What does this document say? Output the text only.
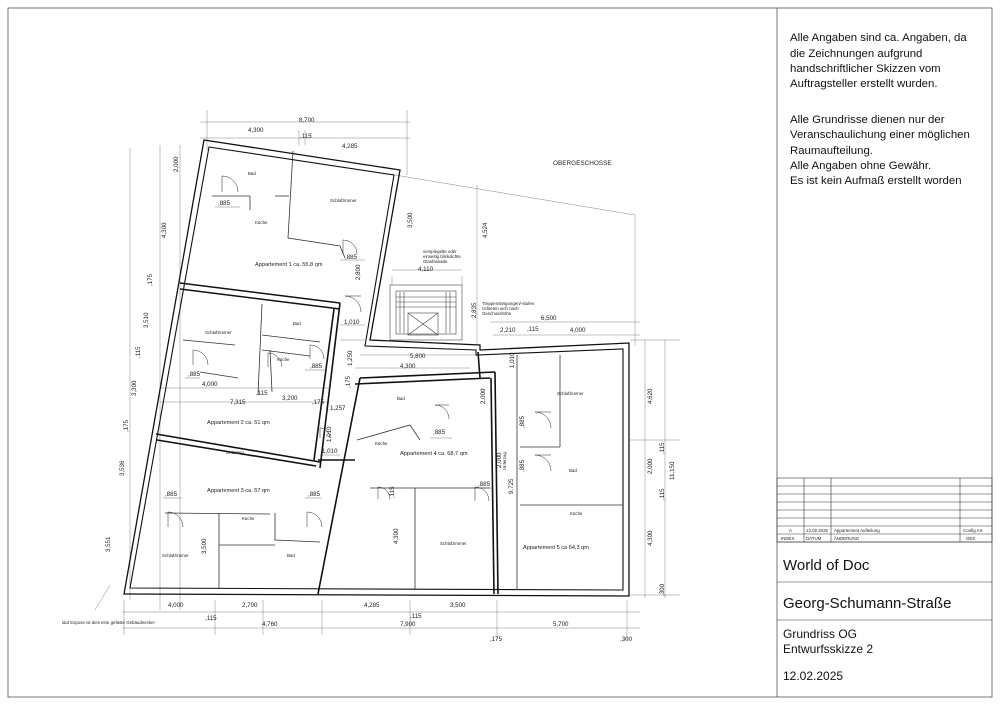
OBERGESCHOSSE
verspiegelte oder
einseitig blickdichte
Glasfassade
Treppensteigungen/-stufen
richteten sich nach
Geschosshöhe
laut Expose ist dies eine gefaste Gebäudeecke!
Appartement 1 ca. 55,8 qm
Appartement 2 ca. 51 qm
Appartement 3 ca. 57 qm
Appartement 4 ca. 68,7 qm
Appartement 5 ca 64,3 qm
Bad
Schlafzimmer
Küche
Schlafzimmer
Bad
Küche
Unterzug
Küche
Schlafzimmer	Bad
Bad
Küche
Schlafzimmer
Schlafzimmer
Bad
Küche
Unterzug
8,700
4,300
,115
4,285
,885
,885
4,110
1,010
6,500
2,210 ,115	4,000
5,800
4,300
,885
,885
4,000
7,315
,115
3,200
,175
1,257
,885
1,010
,885	,885
,885
4,000	2,700	4,285	3,500
,115
4,760
,115
7,900	5,700
,175	,300
2,000
4,300
,175
3,510
,115
3,300
,175
3,536
3,551
3,500
4,524
2,800
2,835
1,250
,175
1,010
2,000
2,000
,885
,885
1,010
9,725
,115
4,300
3,500
4,620
,115
2,000
,115
11,150
4,300
,300
A	12.02.2025 Appartement Aufteilung	Config AS
INDEX	DATUM	ÄNDERUNG	GEZ.

Alle Angaben sind ca. Angaben, da

die Zeichnungen aufgrund

handschriftlicher Skizzen vom

Auftragsteller erstellt wurden.

Alle Grundrisse dienen nur der

Veranschaulichung einer möglichen

Raumaufteilung.

Alle Angaben ohne Gewähr.

Es ist kein Aufmaß erstellt worden

World of Doc
Georg-Schumann-Straße
Grundriss OG
Entwurfsskizze 2
12.02.2025
